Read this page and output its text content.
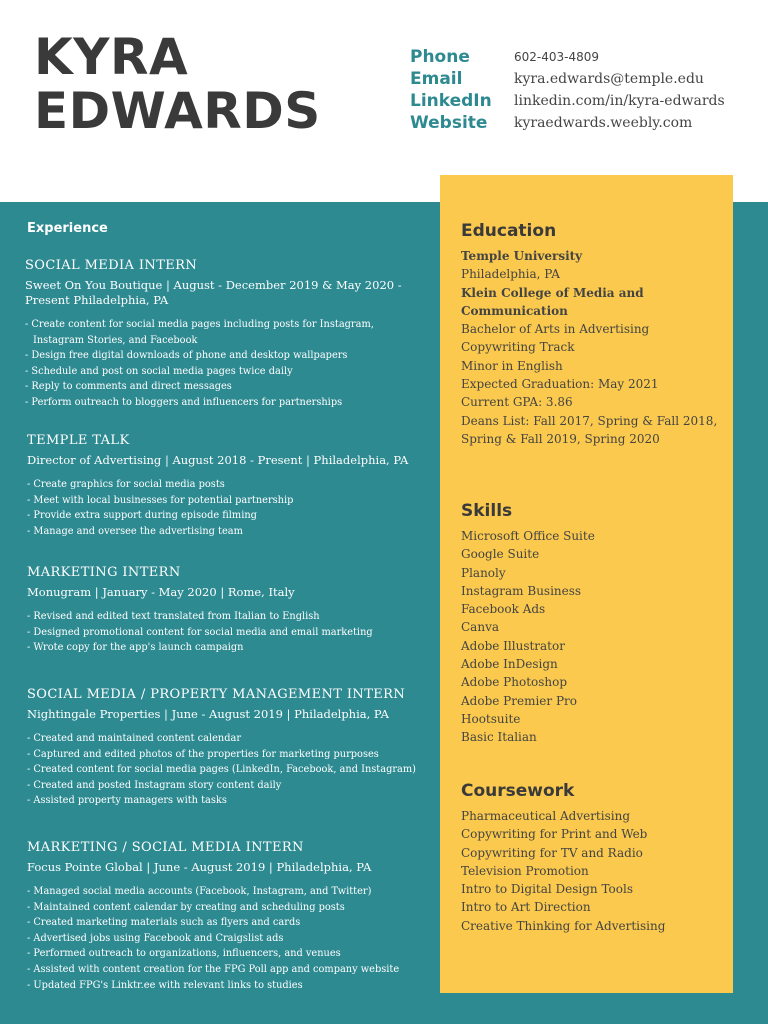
KYRA
EDWARDS
Phone
Email
LinkedIn
Website
602-403-4809
kyra.edwards@temple.edu
linkedin.com/in/kyra-edwards
kyraedwards.weebly.com
Experience
SOCIAL MEDIA INTERN
Sweet On You Boutique | August - December 2019 & May 2020 -
Present Philadelphia, PA
- Create content for social media pages including posts for Instagram,
Instagram Stories, and Facebook
- Design free digital downloads of phone and desktop wallpapers
- Schedule and post on social media pages twice daily
- Reply to comments and direct messages
- Perform outreach to bloggers and influencers for partnerships
TEMPLE TALK
Director of Advertising | August 2018 - Present | Philadelphia, PA
- Create graphics for social media posts
- Meet with local businesses for potential partnership
- Provide extra support during episode filming
- Manage and oversee the advertising team
MARKETING INTERN
Monugram | January - May 2020 | Rome, Italy
- Revised and edited text translated from Italian to English
- Designed promotional content for social media and email marketing
- Wrote copy for the app's launch campaign
SOCIAL MEDIA / PROPERTY MANAGEMENT INTERN
Nightingale Properties | June - August 2019 | Philadelphia, PA
- Created and maintained content calendar
- Captured and edited photos of the properties for marketing purposes
- Created content for social media pages (LinkedIn, Facebook, and Instagram)
- Created and posted Instagram story content daily
- Assisted property managers with tasks
MARKETING / SOCIAL MEDIA INTERN
Focus Pointe Global | June - August 2019 | Philadelphia, PA
- Managed social media accounts (Facebook, Instagram, and Twitter)
- Maintained content calendar by creating and scheduling posts
- Created marketing materials such as flyers and cards
- Advertised jobs using Facebook and Craigslist ads
- Performed outreach to organizations, influencers, and venues
- Assisted with content creation for the FPG Poll app and company website
- Updated FPG's Linktr.ee with relevant links to studies
Education
Temple University
Philadelphia, PA
Klein College of Media and
Communication
Bachelor of Arts in Advertising
Copywriting Track
Minor in English
Expected Graduation: May 2021
Current GPA: 3.86
Deans List: Fall 2017, Spring & Fall 2018,
Spring & Fall 2019, Spring 2020
Skills
Microsoft Office Suite
Google Suite
Planoly
Instagram Business
Facebook Ads
Canva
Adobe Illustrator
Adobe InDesign
Adobe Photoshop
Adobe Premier Pro
Hootsuite
Basic Italian
Coursework
Pharmaceutical Advertising
Copywriting for Print and Web
Copywriting for TV and Radio
Television Promotion
Intro to Digital Design Tools
Intro to Art Direction
Creative Thinking for Advertising
